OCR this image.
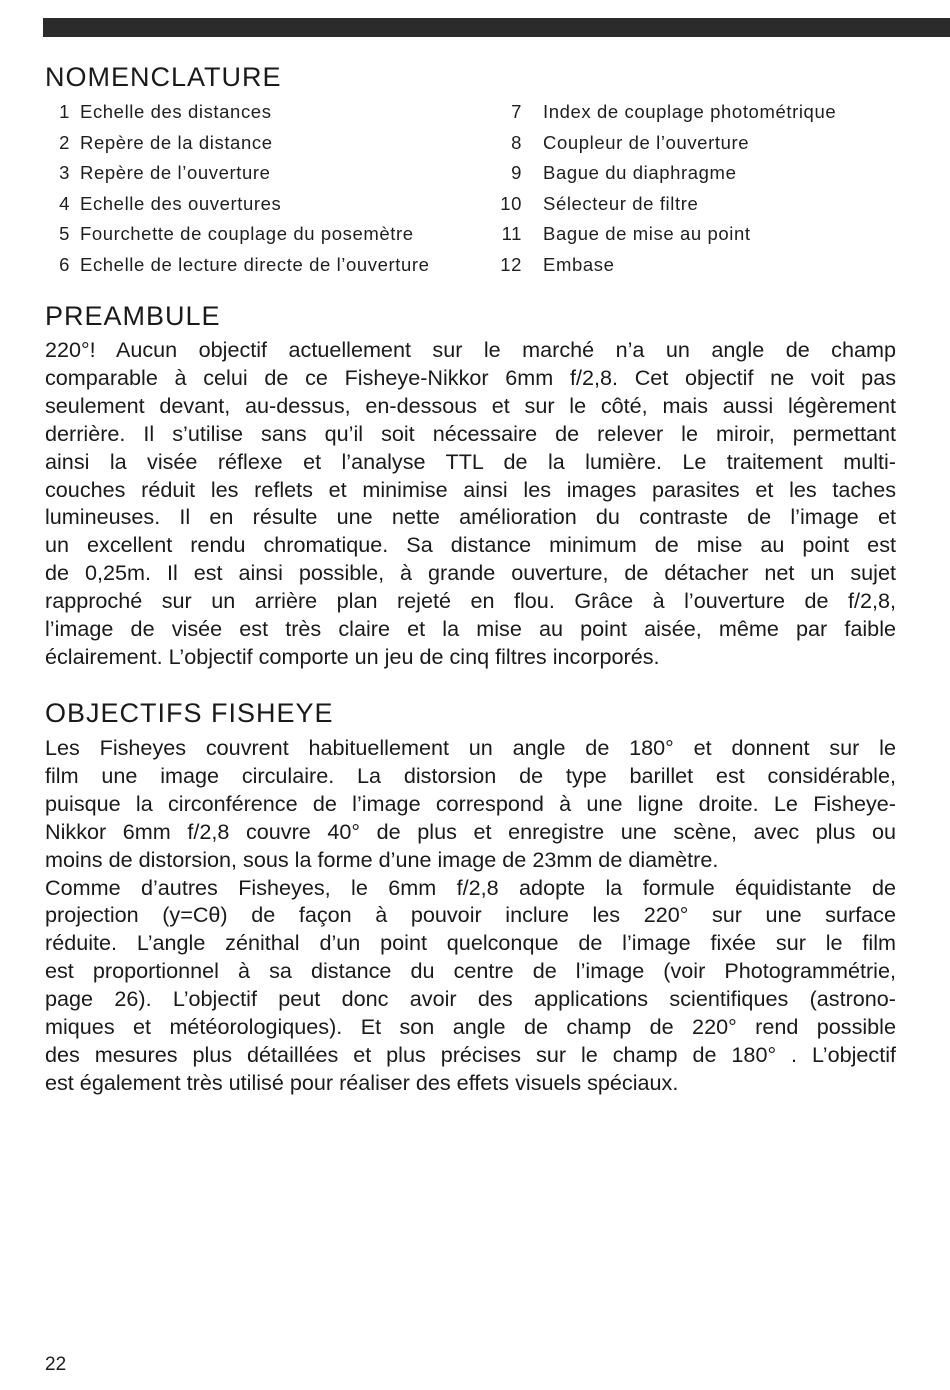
NOMENCLATURE
1 Echelle des distances
2 Repère de la distance
3 Repère de l’ouverture
4 Echelle des ouvertures
5 Fourchette de couplage du posemètre
6 Echelle de lecture directe de l’ouverture
7 Index de couplage photométrique
8 Coupleur de l’ouverture
9 Bague du diaphragme
10 Sélecteur de filtre
11 Bague de mise au point
12 Embase
PREAMBULE
220°! Aucun objectif actuellement sur le marché n’a un angle de champ
comparable à celui de ce Fisheye-Nikkor 6mm f/2,8. Cet objectif ne voit pas
seulement devant, au-dessus, en-dessous et sur le côté, mais aussi légèrement
derrière. Il s’utilise sans qu’il soit nécessaire de relever le miroir, permettant
ainsi la visée réflexe et l’analyse TTL de la lumière. Le traitement multi-
couches réduit les reflets et minimise ainsi les images parasites et les taches
lumineuses. Il en résulte une nette amélioration du contraste de l’image et
un excellent rendu chromatique. Sa distance minimum de mise au point est
de 0,25m. Il est ainsi possible, à grande ouverture, de détacher net un sujet
rapproché sur un arrière plan rejeté en flou. Grâce à l’ouverture de f/2,8,
l’image de visée est très claire et la mise au point aisée, même par faible
éclairement. L’objectif comporte un jeu de cinq filtres incorporés.
OBJECTIFS FISHEYE
Les Fisheyes couvrent habituellement un angle de 180° et donnent sur le
film une image circulaire. La distorsion de type barillet est considérable,
puisque la circonférence de l’image correspond à une ligne droite. Le Fisheye-
Nikkor 6mm f/2,8 couvre 40° de plus et enregistre une scène, avec plus ou
moins de distorsion, sous la forme d’une image de 23mm de diamètre.
Comme d’autres Fisheyes, le 6mm f/2,8 adopte la formule équidistante de
projection (y=Cθ) de façon à pouvoir inclure les 220° sur une surface
réduite. L’angle zénithal d’un point quelconque de l’image fixée sur le film
est proportionnel à sa distance du centre de l’image (voir Photogrammétrie,
page 26). L’objectif peut donc avoir des applications scientifiques (astrono-
miques et météorologiques). Et son angle de champ de 220° rend possible
des mesures plus détaillées et plus précises sur le champ de 180° . L’objectif
est également très utilisé pour réaliser des effets visuels spéciaux.
22
